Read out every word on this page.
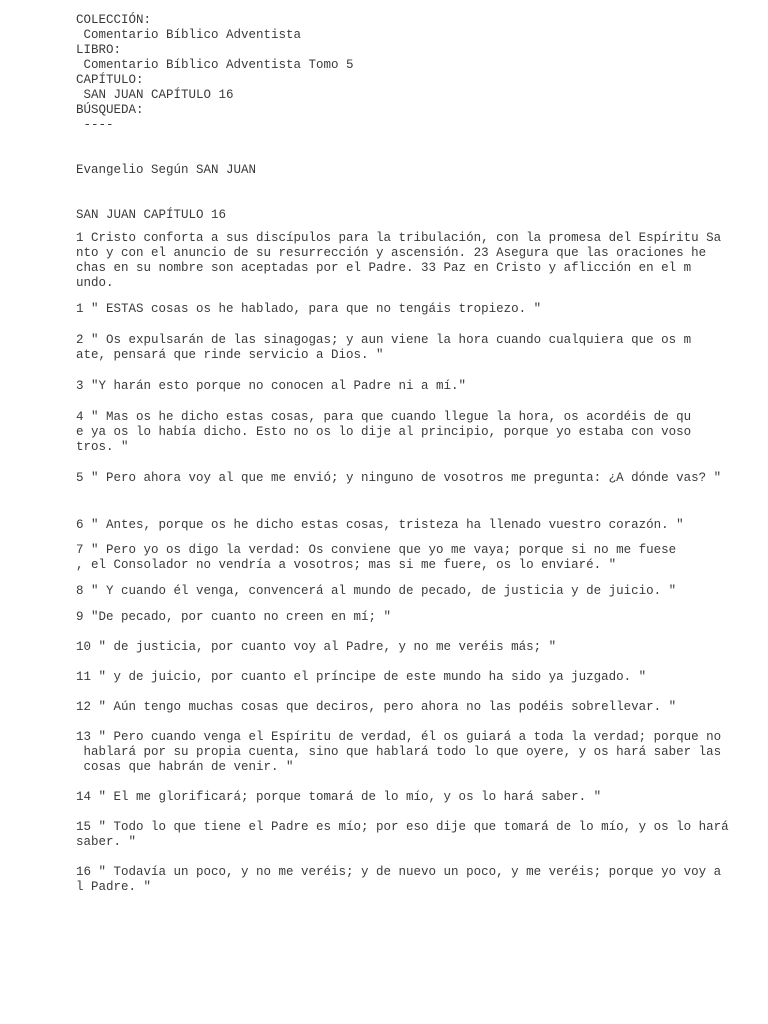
COLECCIÓN:
Comentario Bíblico Adventista
LIBRO:
Comentario Bíblico Adventista Tomo 5
CAPÍTULO:
SAN JUAN CAPÍTULO 16
BÚSQUEDA:
----
Evangelio Según SAN JUAN
SAN JUAN CAPÍTULO 16
1 Cristo conforta a sus discípulos para la tribulación, con la promesa del Espíritu Sa
nto y con el anuncio de su resurrección y ascensión. 23 Asegura que las oraciones he
chas en su nombre son aceptadas por el Padre. 33 Paz en Cristo y aflicción en el m
undo.
1 " ESTAS cosas os he hablado, para que no tengáis tropiezo. "
2 " Os expulsarán de las sinagogas; y aun viene la hora cuando cualquiera que os m
ate, pensará que rinde servicio a Dios. "
3 "Y harán esto porque no conocen al Padre ni a mí."
4 " Mas os he dicho estas cosas, para que cuando llegue la hora, os acordéis de qu
e ya os lo había dicho. Esto no os lo dije al principio, porque yo estaba con voso
tros. "
5 " Pero ahora voy al que me envió; y ninguno de vosotros me pregunta: ¿A dónde vas? "
6 " Antes, porque os he dicho estas cosas, tristeza ha llenado vuestro corazón. "
7 " Pero yo os digo la verdad: Os conviene que yo me vaya; porque si no me fuese
, el Consolador no vendría a vosotros; mas si me fuere, os lo enviaré. "
8 " Y cuando él venga, convencerá al mundo de pecado, de justicia y de juicio. "
9 "De pecado, por cuanto no creen en mí; "
10 " de justicia, por cuanto voy al Padre, y no me veréis más; "
11 " y de juicio, por cuanto el príncipe de este mundo ha sido ya juzgado. "
12 " Aún tengo muchas cosas que deciros, pero ahora no las podéis sobrellevar. "
13 " Pero cuando venga el Espíritu de verdad, él os guiará a toda la verdad; porque no
hablará por su propia cuenta, sino que hablará todo lo que oyere, y os hará saber las
cosas que habrán de venir. "
14 " El me glorificará; porque tomará de lo mío, y os lo hará saber. "
15 " Todo lo que tiene el Padre es mío; por eso dije que tomará de lo mío, y os lo hará
saber. "
16 " Todavía un poco, y no me veréis; y de nuevo un poco, y me veréis; porque yo voy a
l Padre. "
